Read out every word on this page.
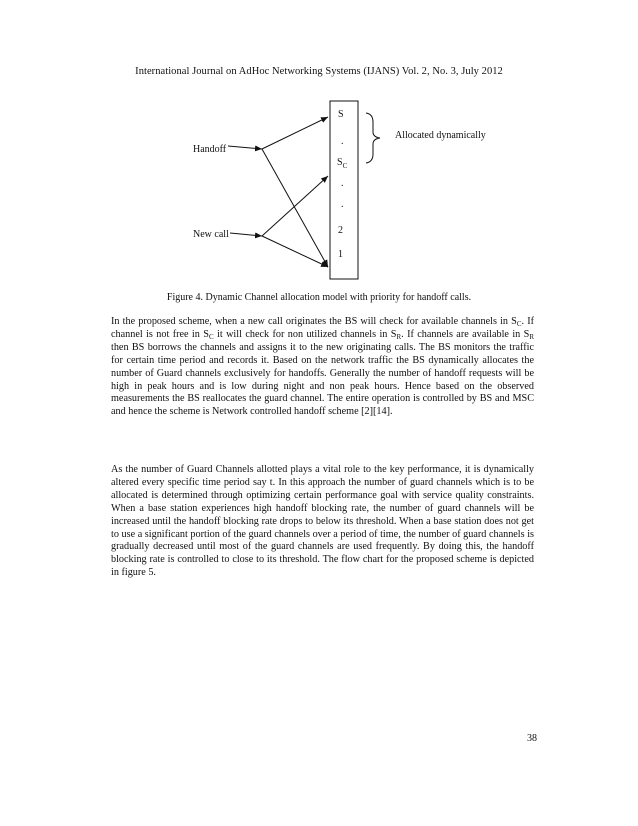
International Journal on AdHoc Networking Systems (IJANS) Vol. 2, No. 3, July 2012
S
.
$S_C$
.
.
2
1
Allocated dynamically
Handoff
New call
Figure 4. Dynamic Channel allocation model with priority for handoff calls.

In the proposed scheme, when a new call originates the BS will check for available channels in $S_C$. If channel is not free in $S_C$ it will check for non utilized channels in $S_R$. If channels are available in $S_R$ then BS borrows the channels and assigns it to the new originating calls. The BS monitors the traffic for certain time period and records it. Based on the network traffic the BS dynamically allocates the number of Guard channels exclusively for handoffs. Generally the number of handoff requests will be high in peak hours and is low during night and non peak hours. Hence based on the observed measurements the BS reallocates the guard channel. The entire operation is controlled by BS and MSC and hence the scheme is Network controlled handoff scheme [2][14].

As the number of Guard Channels allotted plays a vital role to the key performance, it is dynamically altered every specific time period say t. In this approach the number of guard channels which is to be allocated is determined through optimizing certain performance goal with service quality constraints. When a base station experiences high handoff blocking rate, the number of guard channels will be increased until the handoff blocking rate drops to below its threshold. When a base station does not get to use a significant portion of the guard channels over a period of time, the number of guard channels is gradually decreased until most of the guard channels are used frequently. By doing this, the handoff blocking rate is controlled to close to its threshold. The flow chart for the proposed scheme is depicted in figure 5.

38
